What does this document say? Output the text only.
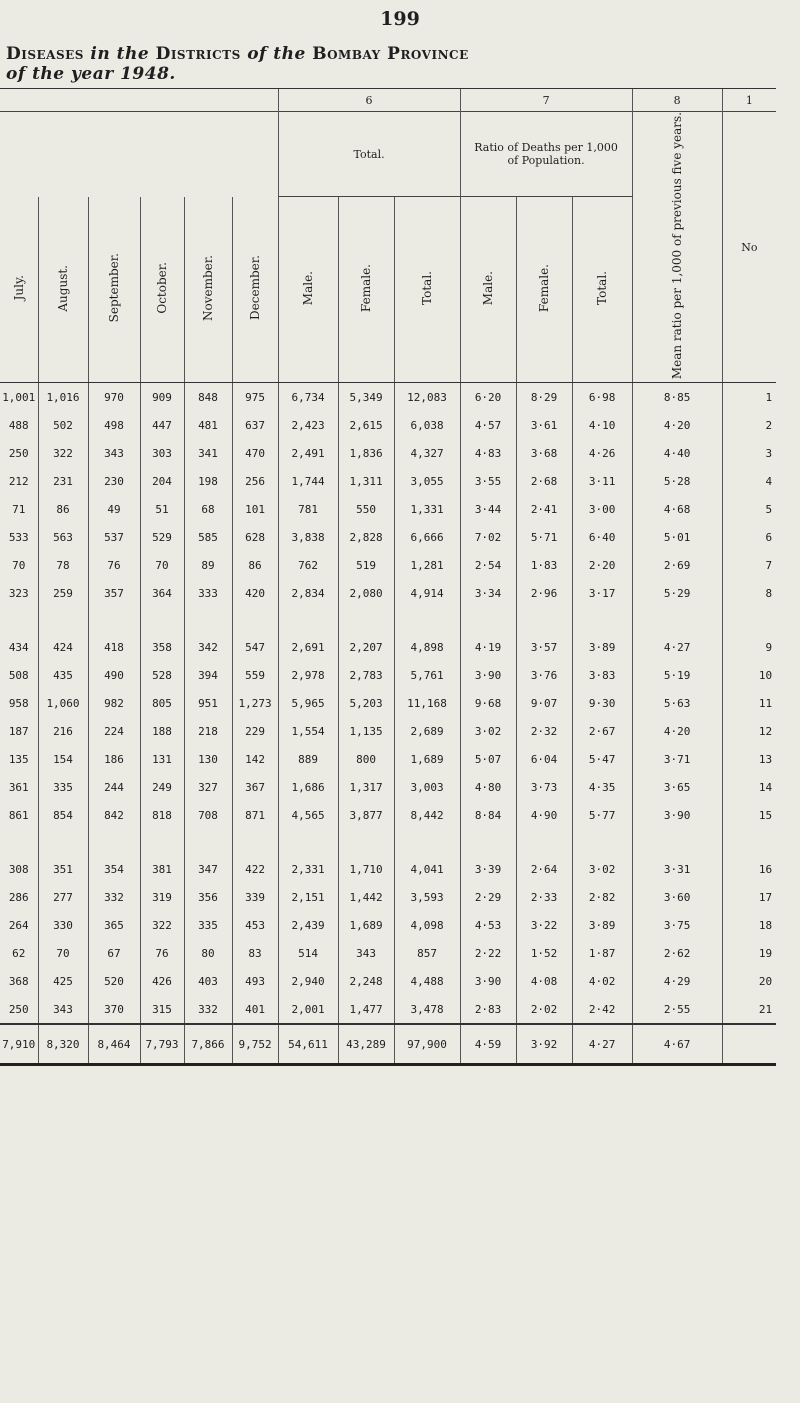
199
Diseases in the Districts of the Bombay Province
of the year 1948.
						6			7			8	1
						Total.			Ratio of Deaths per 1,000 of Population.			Mean ratio per 1,000 of previous five years.	No
July.	August.	September.	October.	November.	December.	Male.	Female.	Total.	Male.	Female.	Total.		
1,001	1,016	970	909	848	975	6,734	5,349	12,083	6·20	8·29	6·98	8·85	1
488	502	498	447	481	637	2,423	2,615	6,038	4·57	3·61	4·10	4·20	2
250	322	343	303	341	470	2,491	1,836	4,327	4·83	3·68	4·26	4·40	3
212	231	230	204	198	256	1,744	1,311	3,055	3·55	2·68	3·11	5·28	4
71	86	49	51	68	101	781	550	1,331	3·44	2·41	3·00	4·68	5
533	563	537	529	585	628	3,838	2,828	6,666	7·02	5·71	6·40	5·01	6
70	78	76	70	89	86	762	519	1,281	2·54	1·83	2·20	2·69	7
323	259	357	364	333	420	2,834	2,080	4,914	3·34	2·96	3·17	5·29	8

434	424	418	358	342	547	2,691	2,207	4,898	4·19	3·57	3·89	4·27	9
508	435	490	528	394	559	2,978	2,783	5,761	3·90	3·76	3·83	5·19	10
958	1,060	982	805	951	1,273	5,965	5,203	11,168	9·68	9·07	9·30	5·63	11
187	216	224	188	218	229	1,554	1,135	2,689	3·02	2·32	2·67	4·20	12
135	154	186	131	130	142	889	800	1,689	5·07	6·04	5·47	3·71	13
361	335	244	249	327	367	1,686	1,317	3,003	4·80	3·73	4·35	3·65	14
861	854	842	818	708	871	4,565	3,877	8,442	8·84	4·90	5·77	3·90	15

308	351	354	381	347	422	2,331	1,710	4,041	3·39	2·64	3·02	3·31	16
286	277	332	319	356	339	2,151	1,442	3,593	2·29	2·33	2·82	3·60	17
264	330	365	322	335	453	2,439	1,689	4,098	4·53	3·22	3·89	3·75	18
62	70	67	76	80	83	514	343	857	2·22	1·52	1·87	2·62	19
368	425	520	426	403	493	2,940	2,248	4,488	3·90	4·08	4·02	4·29	20
250	343	370	315	332	401	2,001	1,477	3,478	2·83	2·02	2·42	2·55	21
7,910	8,320	8,464	7,793	7,866	9,752	54,611	43,289	97,900	4·59	3·92	4·27	4·67	
